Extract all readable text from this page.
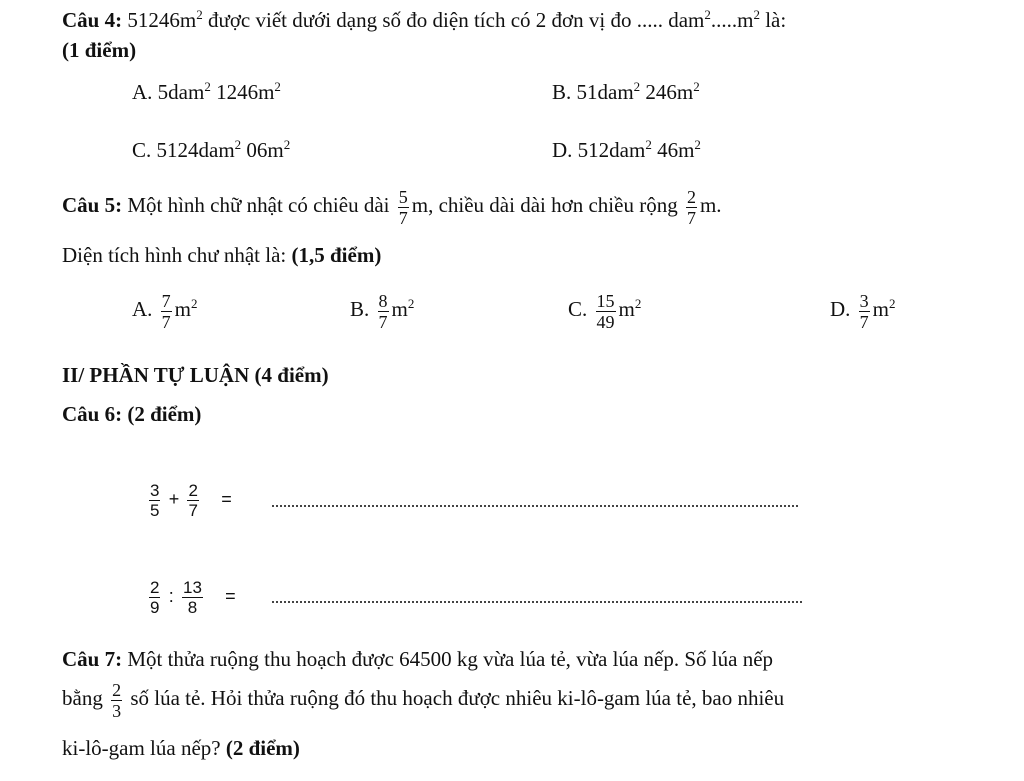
Câu 4: $51246m^2$ được viết dưới dạng số đo diện tích có 2 đơn vị đo ..... $dam^2.....m^2$ là:
(1 điểm)
A. 5dam$^2$ $1246m^2$	B. 51dam$^2$ $246m^2$
C. 5124dam$^2$ $06m^2$	D. 512dam$^2$ $46m^2$
Câu 5: Một hình chữ nhật có chiêu dài $\frac{5}{7} m$, chiều dài dài hơn chiều rộng $\frac{2}{7} m$.
Diện tích hình chư nhật là: (1,5 điểm)
A. $\frac{7}{7} m^2$	B. $\frac{8}{7} m^2$	C. $\frac{15}{49} m^2$	D. $\frac{3}{7} m^2$
II/ PHẦN TỰ LUẬN (4 điểm)
Câu 6: (2 điểm)
$\frac{3}{5} + \frac{2}{7}$ =
$\frac{2}{9}$ : $\frac{13}{8}$ =
Câu 7: Một thửa ruộng thu hoạch được 64500 kg vừa lúa tẻ, vừa lúa nếp. Số lúa nếp
bằng $\frac{2}{3}$ số lúa tẻ. Hỏi thửa ruộng đó thu hoạch được nhiêu ki-lô-gam lúa tẻ, bao nhiêu
ki-lô-gam lúa nếp? (2 điểm)
